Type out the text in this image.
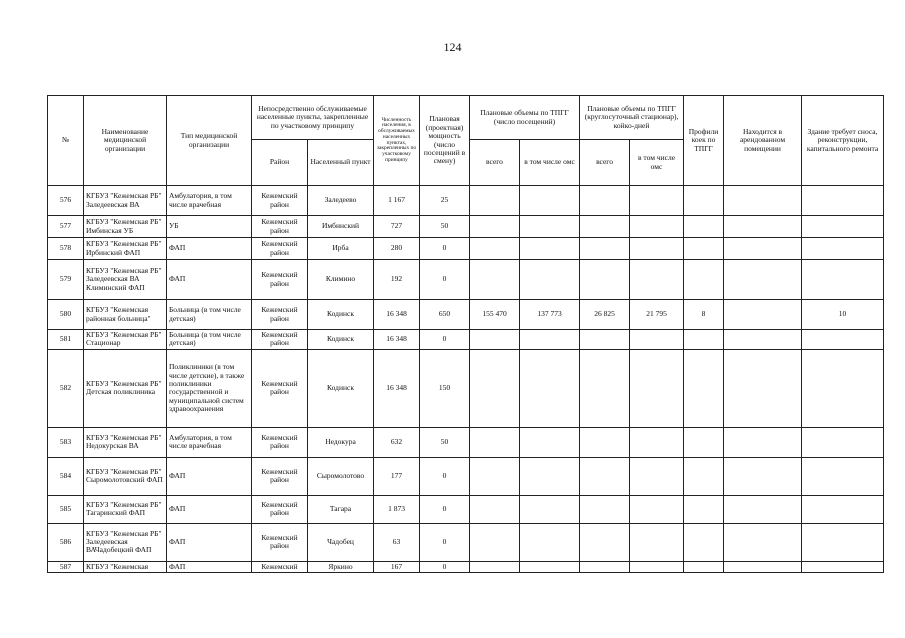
124
№	Наименование медицинской организации	Тип медицинской организации	Непосредственно обслуживаемые населенные пункты, закрепленные по участковому принципу		Численность населения, в обслуживаемых населенных пунктах, закрепленных по участковому принципу	Плановая (проектная) мощность (число посещений в смену)	Плановые объемы по ТПГГ (число посещений)		Плановые объемы по ТПГГ (круглосуточный стационар), койко-дней		Профили коек по ТПГГ	Находится в арендованном помещении	Здание требует сноса, реконструкции, капитального ремонта
			Район	Населенный пункт			всего	в том числе омс	всего	в том числе омс			
576	КГБУЗ "Кежемская РБ" Заледеевская ВА	Амбулатория, в том числе врачебная	Кежемский район	Заледеево	1 167	25							
577	КГБУЗ "Кежемская РБ" Имбинская УБ	УБ	Кежемский район	Имбинский	727	50							
578	КГБУЗ "Кежемская РБ" Ирбинский ФАП	ФАП	Кежемский район	Ирба	280	0							
579	КГБУЗ "Кежемская РБ" Заледеевская ВА Климинский ФАП	ФАП	Кежемский район	Климино	192	0							
580	КГБУЗ "Кежемская районная больница"	Больница (в том числе детская)	Кежемский район	Кодинск	16 348	650	155 470	137 773	26 825	21 795	8		10
581	КГБУЗ "Кежемская РБ" Стационар	Больница (в том числе детская)	Кежемский район	Кодинск	16 348	0							
582	КГБУЗ "Кежемская РБ" Детская поликлиника	Поликлиники (в том числе детские), в также поликлиники государственной и муниципальной систем здравоохранения	Кежемский район	Кодинск	16 348	150							
583	КГБУЗ "Кежемская РБ" Недокурская ВА	Амбулатория, в том числе врачебная	Кежемский район	Недокура	632	50							
584	КГБУЗ "Кежемская РБ" Сыромолотовский ФАП	ФАП	Кежемский район	Сыромолотово	177	0							
585	КГБУЗ "Кежемская РБ" Тагаринский ФАП	ФАП	Кежемский район	Тагара	1 873	0							
586	КГБУЗ "Кежемская РБ" Заледеевская ВАЧадобецкий ФАП	ФАП	Кежемский район	Чадобец	63	0							
587	КГБУЗ "Кежемская	ФАП	Кежемский	Яркино	167	0							
